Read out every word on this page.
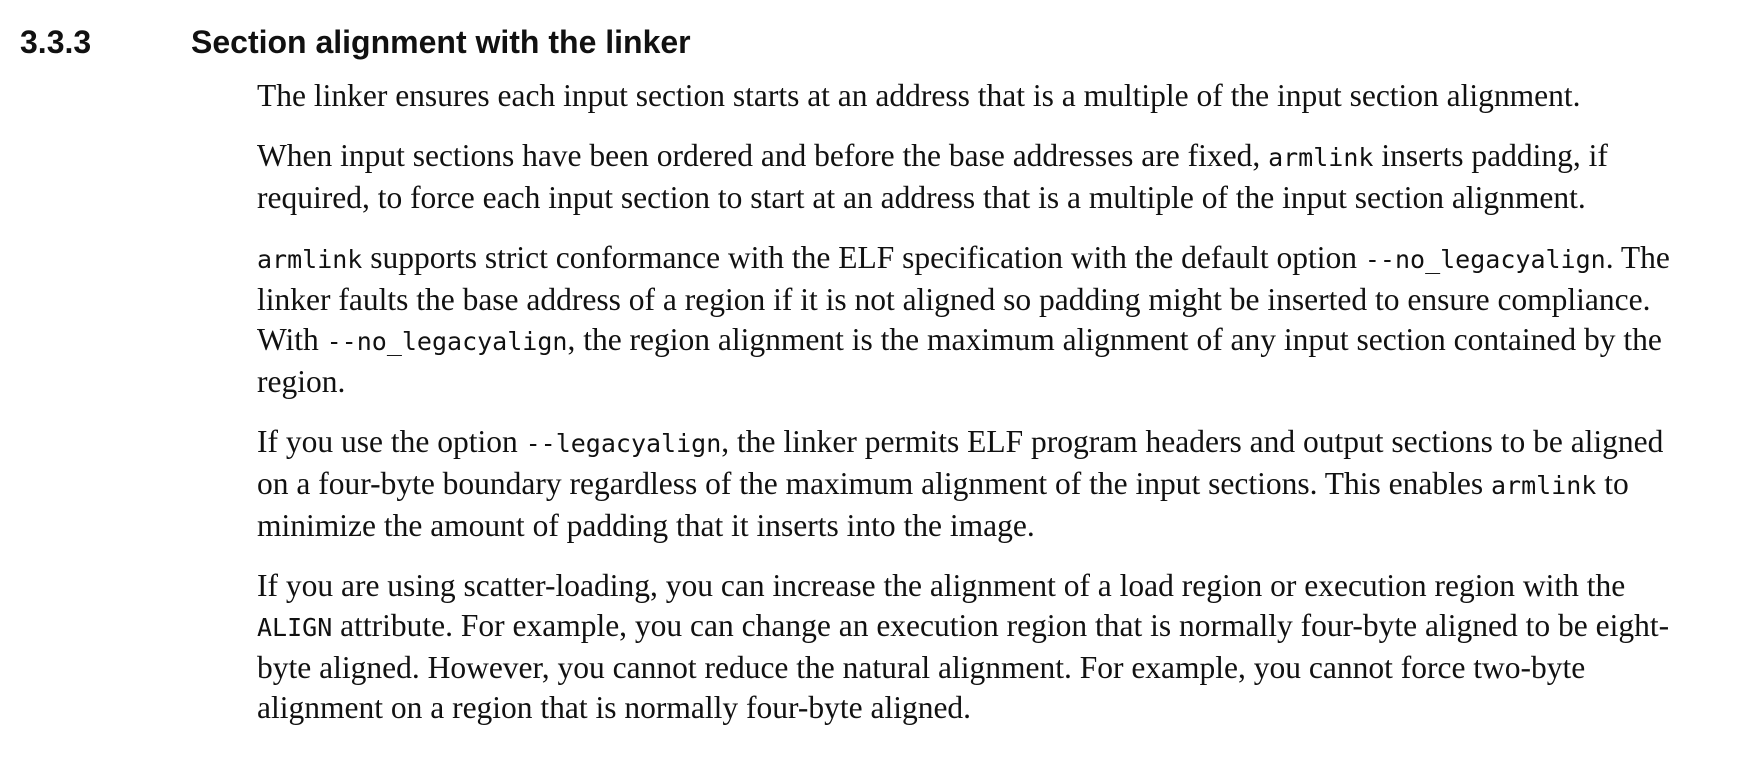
3.3.3	Section alignment with the linker

The linker ensures each input section starts at an address that is a multiple of the input section alignment.

When input sections have been ordered and before the base addresses are fixed, armlink inserts padding, if required, to force each input section to start at an address that is a multiple of the input section alignment.

armlink supports strict conformance with the ELF specification with the default option --no_legacyalign. The linker faults the base address of a region if it is not aligned so padding might be inserted to ensure compliance. With --no_legacyalign, the region alignment is the maximum alignment of any input section contained by the region.

If you use the option --legacyalign, the linker permits ELF program headers and output sections to be aligned on a four-byte boundary regardless of the maximum alignment of the input sections. This enables armlink to minimize the amount of padding that it inserts into the image.

If you are using scatter-loading, you can increase the alignment of a load region or execution region with the ALIGN attribute. For example, you can change an execution region that is normally four-byte aligned to be eight-byte aligned. However, you cannot reduce the natural alignment. For example, you cannot force two-byte alignment on a region that is normally four-byte aligned.
